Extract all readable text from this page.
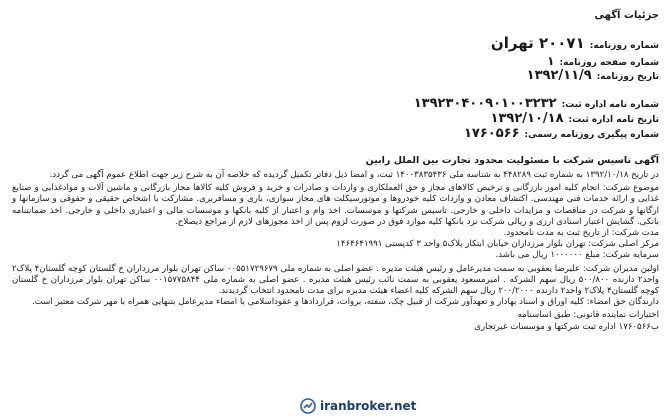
جزئیات آگهی
شماره روزنامه:
۲۰۰۷۱ تهران
شماره صفحه روزنامه:
۱
تاریخ روزنامه:
۱۳۹۲/۱۱/۹
شماره نامه اداره ثبت:
۱۳۹۲۳۰۴۰۰۹۰۱۰۰۳۲۳۲
تاریخ نامه اداره ثبت:
۱۳۹۲/۱۰/۱۸
شماره پیگیری روزنامه رسمی:
۱۷۶۰۵۶۶
آگهی تاسیس شرکت با مسئولیت محدود تجارت بین الملل رابین

در تاریخ ۱۳۹۲/۱۰/۱۸ به شماره ثبت ۴۴۸۲۸۹ به شناسه ملی ۱۴۰۰۳۸۳۵۴۳۶ ثبت، و امضا ذیل دفاتر تکمیل گردیده که خلاصه آن به شرح زیر جهت اطلاع عموم آگهی می گردد.

موضوع شرکت: انجام کلیه امور بازرگانی و ترخیص کالاهای مجاز و حق العملکاری و واردات و صادرات و خرید و فروش کلیه کالاها مجاز بازرگانی و ماشین آلات و موادغذایی و صنایع غذایی و ارائه خدمات فنی مهندسی. اکتشاف معادن و واردات کلیه خودروها و موتورسیکلت های مجاز سواری، باری و مسافربری. مشارکت با اشخاص حقیقی و حقوقی و سازمانها و ارگانها و شرکت در مناقصات و مزایدات داخلی و خارجی. تاسیس شرکتها و موسسات. اخذ وام و اعتبار از کلیه بانکها و موسسات مالی و اعتباری داخلی و خارجی. اخذ ضمانتنامه بانکی. گشایش اعتبار اسنادی ارزی و ریالی شرکت نزد بانکها کلیه موارد فوق در صورت لزوم پس از اخذ مجوزهای لازم از مراجع ذیصلاح.

مدت شرکت: از تاریخ ثبت به مدت نامحدود.

مرکز اصلی شرکت: تهران بلوار مرزداران خیابان ابتکار پلاک۵ واحد ۳ کدپستی ۱۴۶۴۶۴۱۹۹۱

سرمایه شرکت: مبلغ ۱۰۰۰۰۰۰ ریال می باشد.

اولین مدیران شرکت: علیرضا یعقوبی به سمت مدیرعامل و رئیس هیئت مدیره . عضو اصلی به شماره ملی ۰۰۵۵۱۷۲۹۶۷۹ ساکن تهران بلوار مرزداران خ گلستان کوچه گلستان۴ پلاک۲ واحد۲ دارنده ۵۰۰/۸۰۰ ریال سهم الشرکه . امیرمسعود یعقوبی به سمت نائب رئیس هیئت مدیره . عضو اصلی به شماره ملی ۰۰۱۵۷۷۵۸۴۴ ساکن تهران بلوار مرزداران خ گلستان کوچه گلستان۴ پلاک۲ واحد۲ دارنده ۲۰۰/۲۰۰۰ ریال سهم الشرکه کلیه اعضاء هیئت مدیره برای مدت نامحدود انتخاب گردیدند.

دارندگان حق امضاء: کلیه اوراق و اسناد بهادار و تعهدآور شرکت از قبیل چک، سفته، بروات، قراردادها و عقوداسلامی با امضاء مدیرعامل بتنهایی همراه با مهر شرکت معتبر است.

اختیارات نماینده قانونی: طبق اساسنامه

ب۱۷۶۰۵۶۶ اداره ثبت شرکتها و موسسات غیرتجاری

iranbroker.net
